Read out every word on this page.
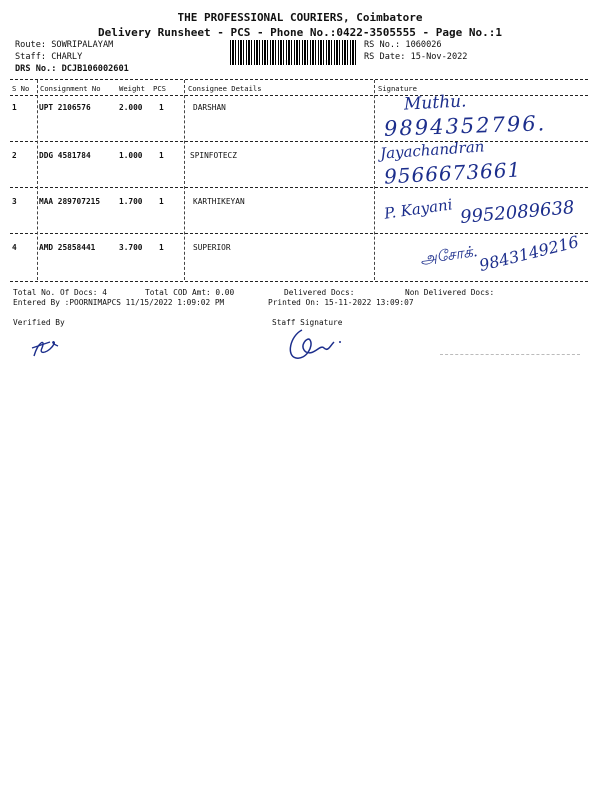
THE PROFESSIONAL COURIERS, Coimbatore
Delivery Runsheet - PCS - Phone No.:0422-3505555 - Page No.:1
Route: SOWRIPALAYAM
Staff: CHARLY
DRS No.: DCJB106002601
RS No.: 1060026
RS Date: 15-Nov-2022
S No Consignment No	Weight PCS	Consignee Details	Signature
1	UPT 2106576	2.000 1	DARSHAN	Muthu.
9894352796.
2	DDG 4581784	1.000 1	SPINFOTECZ	Jayachandran
9566673661
3	MAA 289707215 1.700 1	KARTHIKEYAN	P. Kayani 9952089638
4	AMD 25858441	3.700 1	SUPERIOR	அசோக்.
9843149216
Total No. Of Docs: 4	Total COD Amt: 0.00	Delivered Docs:	Non Delivered Docs:
Entered By :POORNIMAPCS 11/15/2022 1:09:02 PM	Printed On: 15-11-2022 13:09:07
Verified By	Staff Signature
